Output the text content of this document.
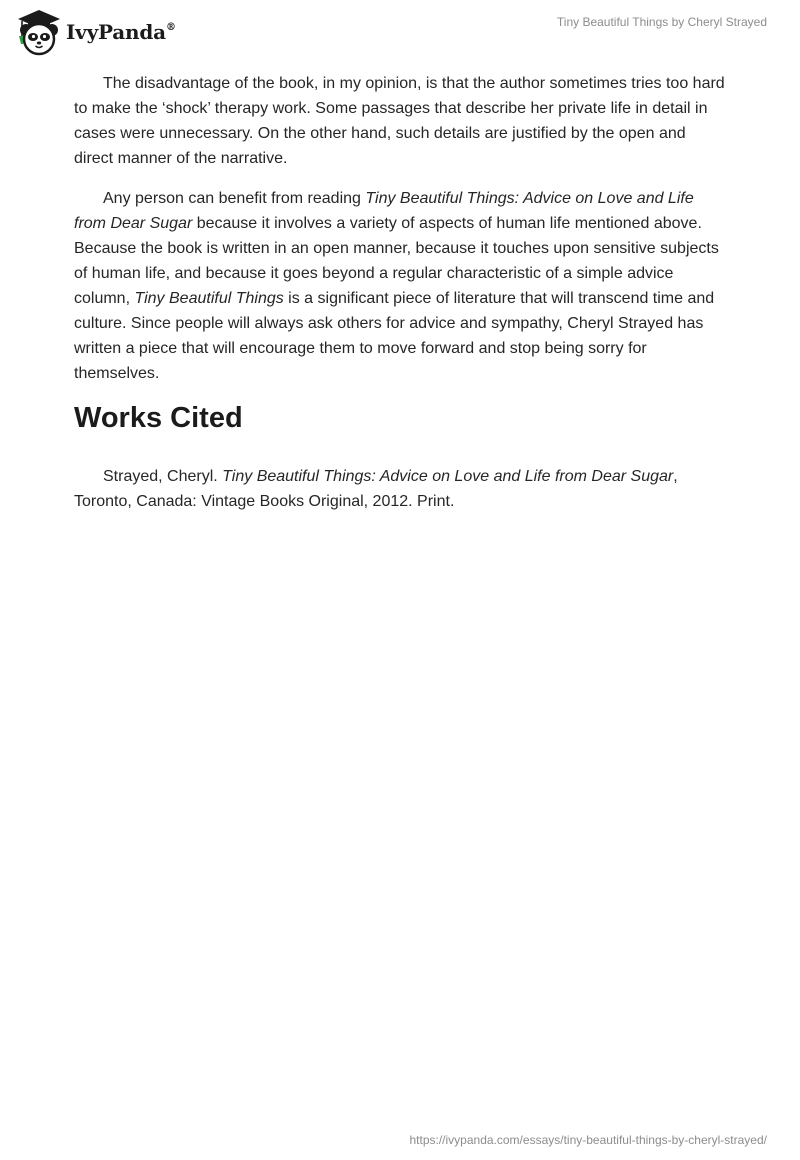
IvyPanda®	Tiny Beautiful Things by Cheryl Strayed

The disadvantage of the book, in my opinion, is that the author sometimes tries too hard to make the ‘shock’ therapy work. Some passages that describe her private life in detail in cases were unnecessary. On the other hand, such details are justified by the open and direct manner of the narrative.

Any person can benefit from reading Tiny Beautiful Things: Advice on Love and Life from Dear Sugar because it involves a variety of aspects of human life mentioned above. Because the book is written in an open manner, because it touches upon sensitive subjects of human life, and because it goes beyond a regular characteristic of a simple advice column, Tiny Beautiful Things is a significant piece of literature that will transcend time and culture. Since people will always ask others for advice and sympathy, Cheryl Strayed has written a piece that will encourage them to move forward and stop being sorry for themselves.

Works Cited

Strayed, Cheryl. Tiny Beautiful Things: Advice on Love and Life from Dear Sugar, Toronto, Canada: Vintage Books Original, 2012. Print.

https://ivypanda.com/essays/tiny-beautiful-things-by-cheryl-strayed/
